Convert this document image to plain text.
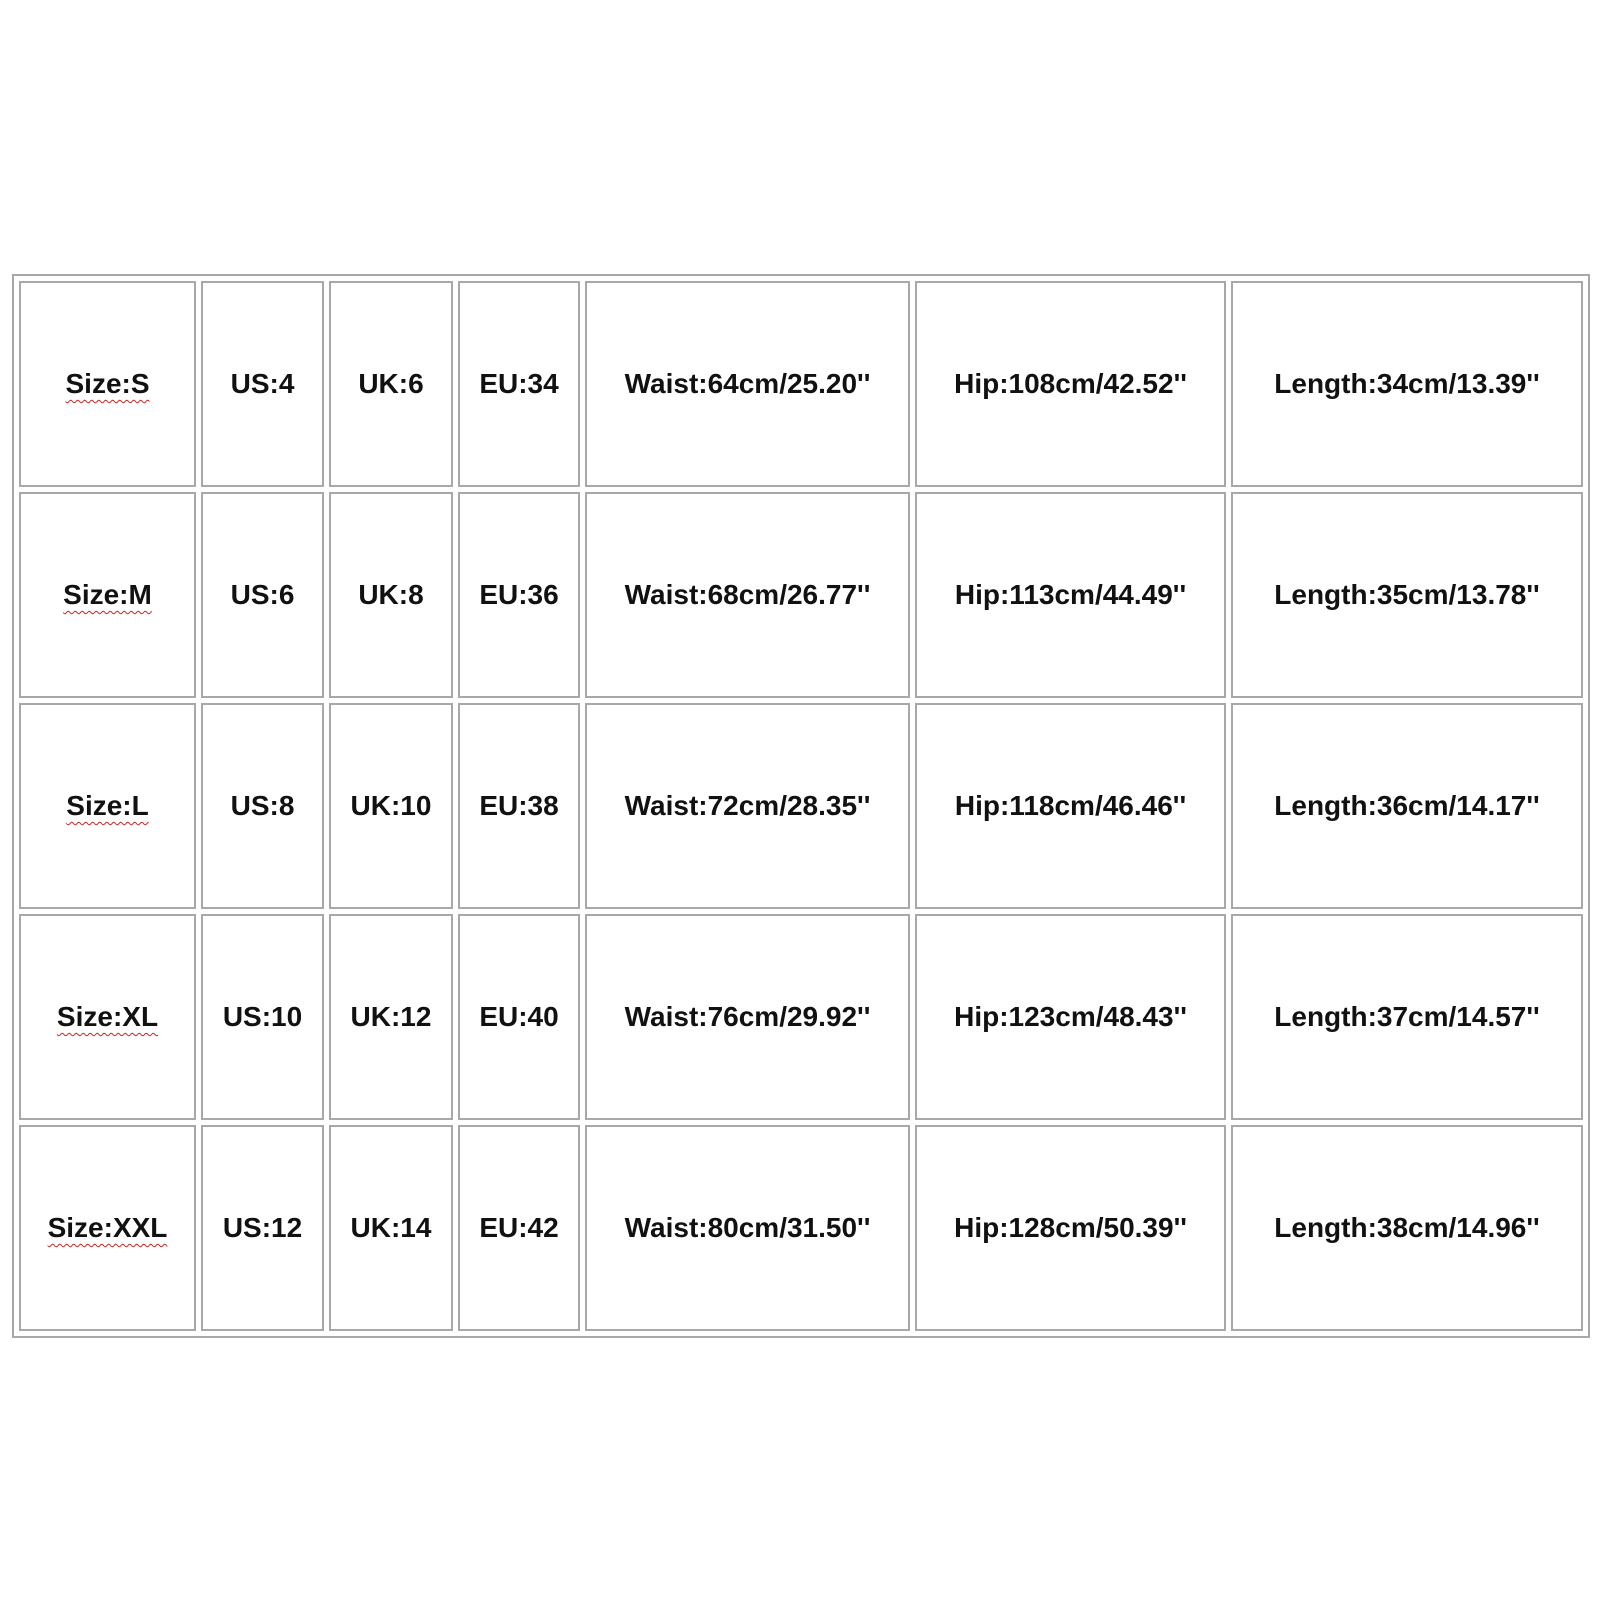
Size:S	US:4	UK:6	EU:34	Waist:64cm/25.20''	Hip:108cm/42.52''	Length:34cm/13.39''
Size:M	US:6	UK:8	EU:36	Waist:68cm/26.77''	Hip:113cm/44.49''	Length:35cm/13.78''
Size:L	US:8	UK:10	EU:38	Waist:72cm/28.35''	Hip:118cm/46.46''	Length:36cm/14.17''
Size:XL	US:10	UK:12	EU:40	Waist:76cm/29.92''	Hip:123cm/48.43''	Length:37cm/14.57''
Size:XXL	US:12	UK:14	EU:42	Waist:80cm/31.50''	Hip:128cm/50.39''	Length:38cm/14.96''
